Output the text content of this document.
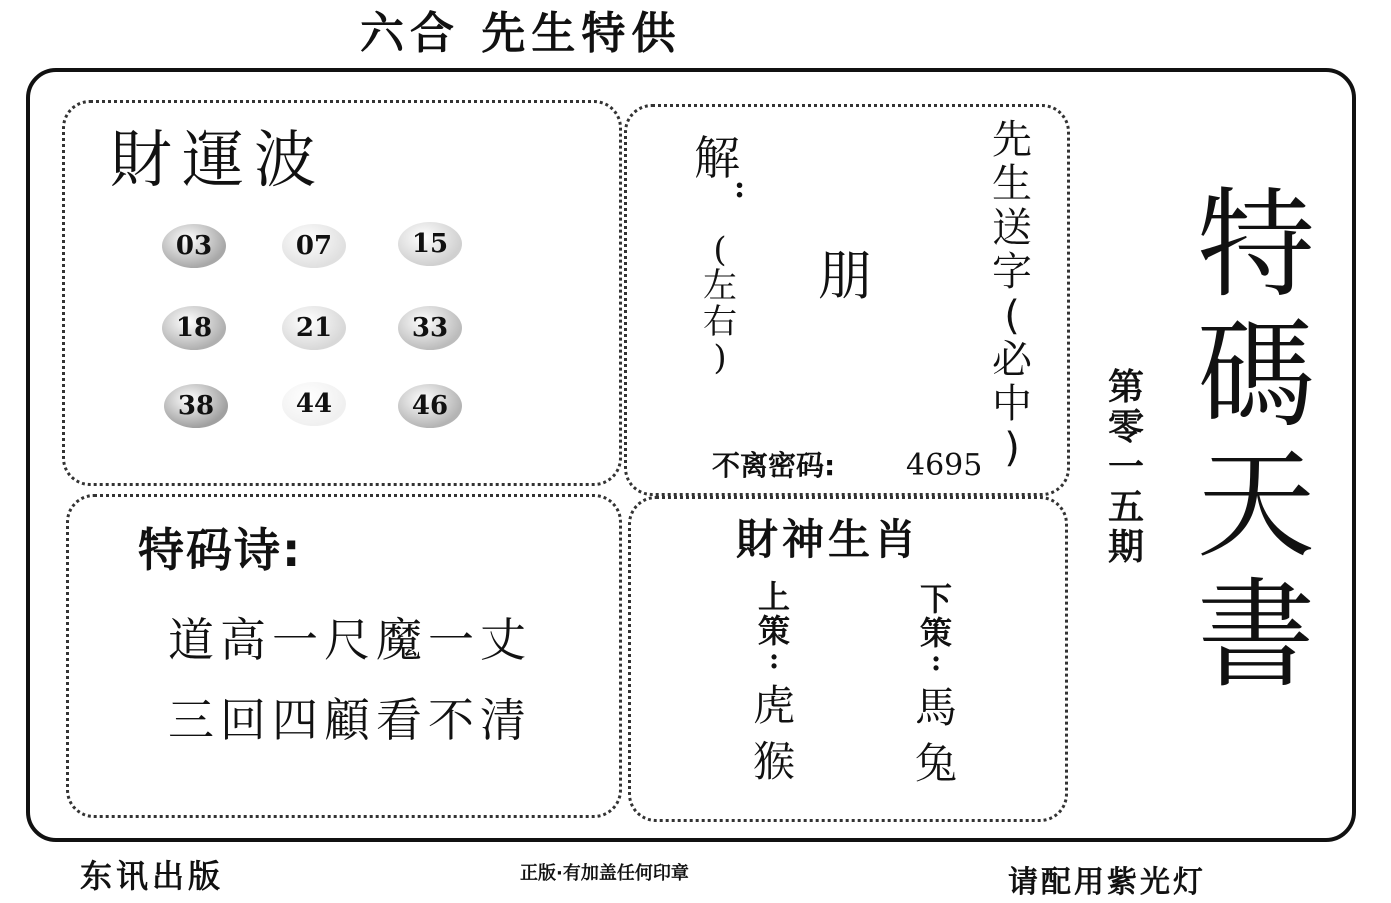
六合 先生特供
財運波
03	07	15
18	21	33
38	44	46
解
:
(
左
右
)
朋
先
生
送
字
(
必
中
)
不离密码: 4695
特码诗:
道高一尺魔一丈
三回四顧看不清
財神生肖
上
策
:
虎
猴
下
策
:
馬
兔
第
零
一
五
期
特
碼
天
書
东讯出版	正版·有加盖任何印章	请配用紫光灯
